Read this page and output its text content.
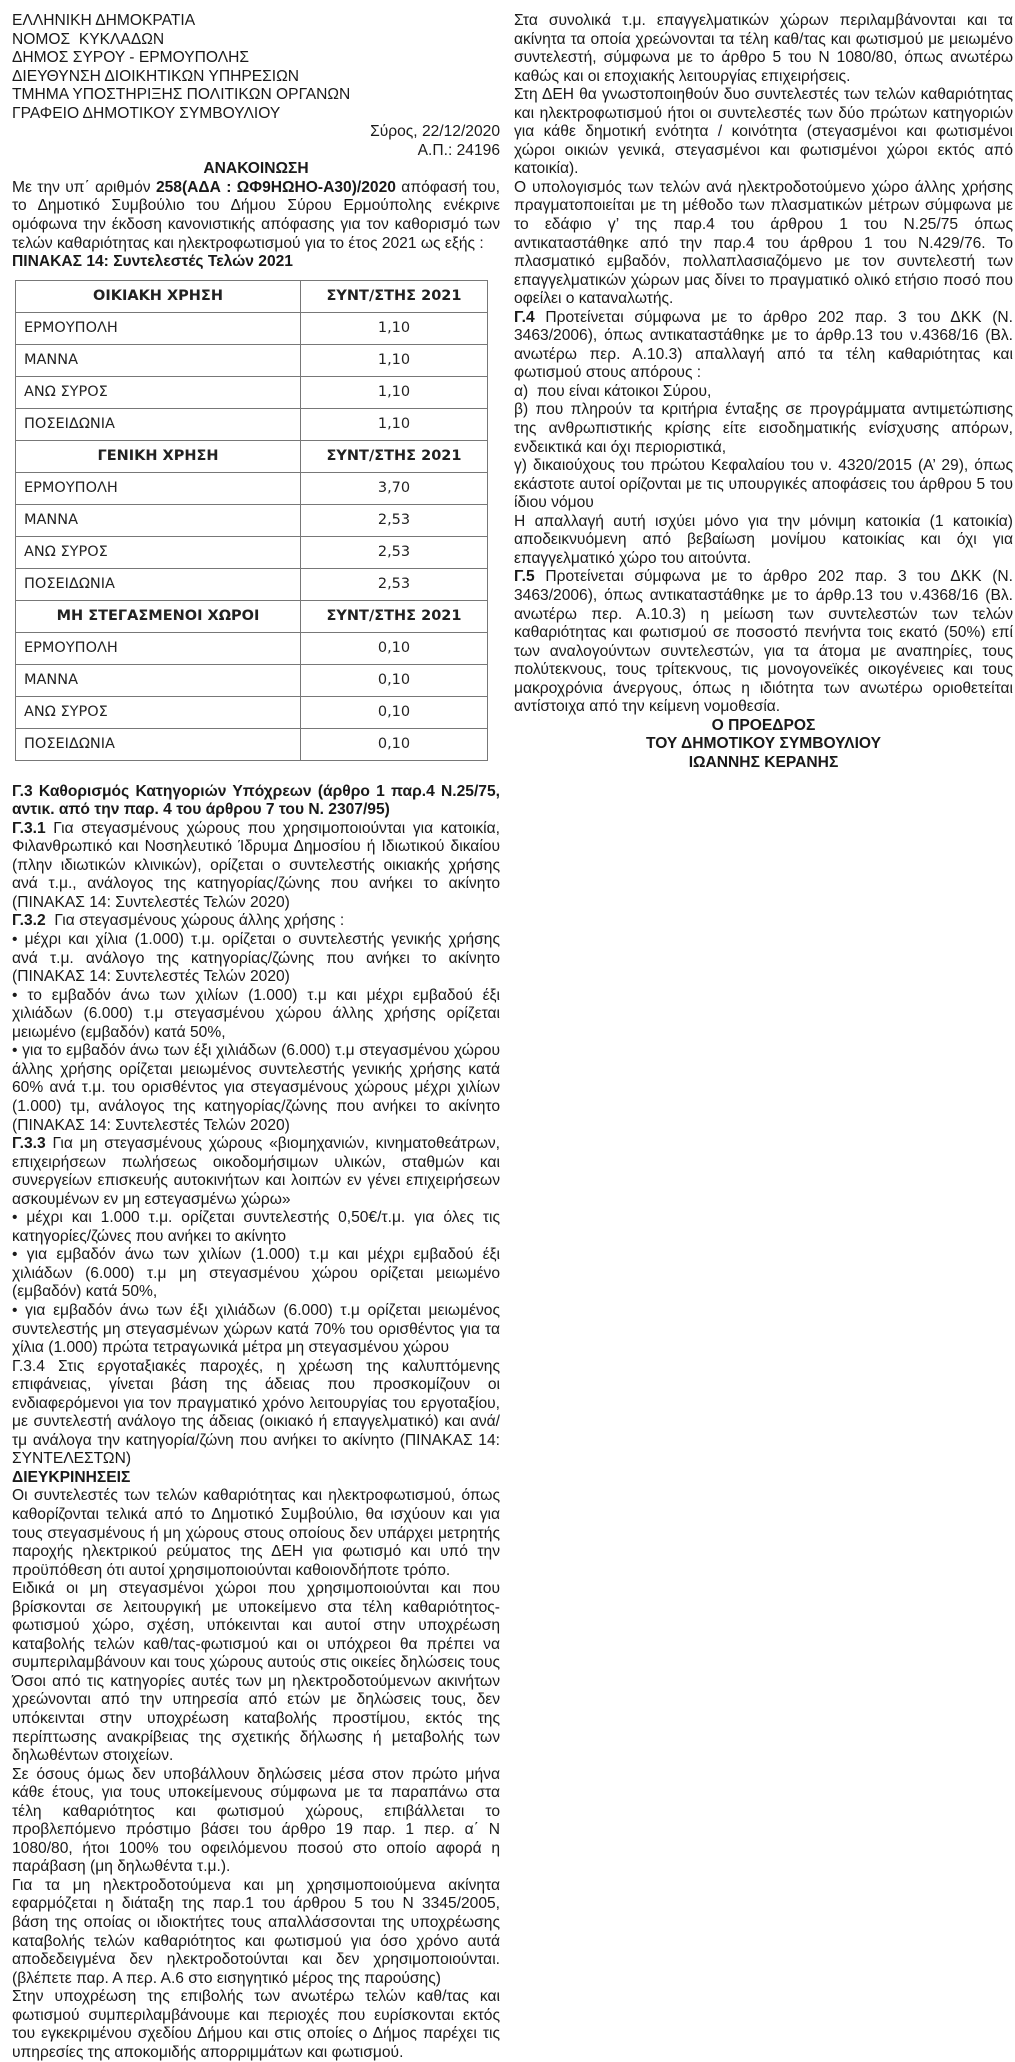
ΕΛΛΗΝΙΚΗ ΔΗΜΟΚΡΑΤΙΑ

ΝΟΜΟΣ  ΚΥΚΛΑΔΩΝ

ΔΗΜΟΣ ΣΥΡΟΥ - ΕΡΜΟΥΠΟΛΗΣ

ΔΙΕΥΘΥΝΣΗ ΔΙΟΙΚΗΤΙΚΩΝ ΥΠΗΡΕΣΙΩΝ

ΤΜΗΜΑ ΥΠΟΣΤΗΡΙΞΗΣ ΠΟΛΙΤΙΚΩΝ ΟΡΓΑΝΩΝ

ΓΡΑΦΕΙΟ ΔΗΜΟΤΙΚΟΥ ΣΥΜΒΟΥΛΙΟΥ

Σύρος, 22/12/2020

Α.Π.: 24196

ΑΝΑΚΟΙΝΩΣΗ

Με την υπ΄ αριθμόν 258(ΑΔΑ : ΩΦ9ΗΩΗΟ-Α30)/2020 απόφασή του, το Δημοτικό Συμβούλιο του Δήμου Σύρου Ερμούπολης ενέκρινε ομόφωνα την έκδοση κανονιστικής απόφασης για τον καθορισμό των τελών καθαριότητας και ηλεκτροφωτισμού για το έτος 2021 ως εξής :

ΠΙΝΑΚΑΣ 14: Συντελεστές Τελών 2021

ΟΙΚΙΑΚΗ ΧΡΗΣΗ	ΣΥΝΤ/ΣΤΗΣ 2021
ΕΡΜΟΥΠΟΛΗ	1,10
ΜΑΝΝΑ	1,10
ΑΝΩ ΣΥΡΟΣ	1,10
ΠΟΣΕΙΔΩΝΙΑ	1,10
ΓΕΝΙΚΗ ΧΡΗΣΗ	ΣΥΝΤ/ΣΤΗΣ 2021
ΕΡΜΟΥΠΟΛΗ	3,70
ΜΑΝΝΑ	2,53
ΑΝΩ ΣΥΡΟΣ	2,53
ΠΟΣΕΙΔΩΝΙΑ	2,53
ΜΗ ΣΤΕΓΑΣΜΕΝΟΙ ΧΩΡΟΙ	ΣΥΝΤ/ΣΤΗΣ 2021
ΕΡΜΟΥΠΟΛΗ	0,10
ΜΑΝΝΑ	0,10
ΑΝΩ ΣΥΡΟΣ	0,10
ΠΟΣΕΙΔΩΝΙΑ	0,10

Γ.3 Καθορισμός Κατηγοριών Υπόχρεων (άρθρο 1 παρ.4 Ν.25/75, αντικ. από την παρ. 4 του άρθρου 7 του Ν. 2307/95)

Γ.3.1 Για στεγασμένους χώρους που χρησιμοποιούνται για κατοικία, Φιλανθρωπικό και Νοσηλευτικό Ίδρυμα Δημοσίου ή Ιδιωτικού δικαίου (πλην ιδιωτικών κλινικών), ορίζεται ο συντελεστής οικιακής χρήσης ανά τ.μ., ανάλογος της κατηγορίας/ζώνης που ανήκει το ακίνητο (ΠΙΝΑΚΑΣ 14: Συντελεστές Τελών 2020)

Γ.3.2  Για στεγασμένους χώρους άλλης χρήσης :

• μέχρι και χίλια (1.000) τ.μ. ορίζεται ο συντελεστής γενικής χρήσης ανά τ.μ. ανάλογο της κατηγορίας/ζώνης που ανήκει το ακίνητο (ΠΙΝΑΚΑΣ 14: Συντελεστές Τελών 2020)

• το εμβαδόν άνω των χιλίων (1.000) τ.μ και μέχρι εμβαδού έξι χιλιάδων (6.000) τ.μ στεγασμένου χώρου άλλης χρήσης ορίζεται μειωμένο (εμβαδόν) κατά 50%,

• για το εμβαδόν άνω των έξι χιλιάδων (6.000) τ.μ στεγασμένου χώρου άλλης χρήσης ορίζεται μειωμένος συντελεστής γενικής χρήσης κατά 60% ανά τ.μ. του ορισθέντος για στεγασμένους χώρους μέχρι χιλίων (1.000) τμ, ανάλογος της κατηγορίας/ζώνης που ανήκει το ακίνητο (ΠΙΝΑΚΑΣ 14: Συντελεστές Τελών 2020)

Γ.3.3 Για μη στεγασμένους χώρους «βιομηχανιών, κινηματοθεάτρων, επιχειρήσεων πωλήσεως οικοδομήσιμων υλικών, σταθμών και συνεργείων επισκευής αυτοκινήτων και λοιπών εν γένει επιχειρήσεων ασκουμένων εν μη εστεγασμένω χώρω»

• μέχρι και 1.000 τ.μ. ορίζεται συντελεστής 0,50€/τ.μ. για όλες τις κατηγορίες/ζώνες που ανήκει το ακίνητο

• για εμβαδόν άνω των χιλίων (1.000) τ.μ και μέχρι εμβαδού έξι χιλιάδων (6.000) τ.μ μη στεγασμένου χώρου ορίζεται μειωμένο (εμβαδόν) κατά 50%,

• για εμβαδόν άνω των έξι χιλιάδων (6.000) τ.μ ορίζεται μειωμένος συντελεστής μη στεγασμένων χώρων κατά 70% του ορισθέντος για τα χίλια (1.000) πρώτα τετραγωνικά μέτρα μη στεγασμένου χώρου

Γ.3.4 Στις εργοταξιακές παροχές, η χρέωση της καλυπτόμενης επιφάνειας, γίνεται βάση της άδειας που προσκομίζουν οι ενδιαφερόμενοι για τον πραγματικό χρόνο λειτουργίας του εργοταξίου, με συντελεστή ανάλογο της άδειας (οικιακό ή επαγγελματικό) και ανά/τμ ανάλογα την κατηγορία/ζώνη που ανήκει το ακίνητο (ΠΙΝΑΚΑΣ 14: ΣΥΝΤΕΛΕΣΤΩΝ)

ΔΙΕΥΚΡΙΝΗΣΕΙΣ

Οι συντελεστές των τελών καθαριότητας και ηλεκτροφωτισμού, όπως καθορίζονται τελικά από το Δημοτικό Συμβούλιο, θα ισχύουν και για τους στεγασμένους ή μη χώρους στους οποίους δεν υπάρχει μετρητής παροχής ηλεκτρικού ρεύματος της ΔΕΗ για φωτισμό και υπό την προϋπόθεση ότι αυτοί χρησιμοποιούνται καθοιονδήποτε τρόπο.

Ειδικά οι μη στεγασμένοι χώροι που χρησιμοποιούνται και που βρίσκονται σε λειτουργική με υποκείμενο στα τέλη καθαριότητος-φωτισμού χώρο, σχέση, υπόκεινται και αυτοί στην υποχρέωση καταβολής τελών καθ/τας-φωτισμού και οι υπόχρεοι θα πρέπει να συμπεριλαμβάνουν και τους χώρους αυτούς στις οικείες δηλώσεις τους Όσοι από τις κατηγορίες αυτές των μη ηλεκτροδοτούμενων ακινήτων χρεώνονται από την υπηρεσία από ετών με δηλώσεις τους, δεν υπόκεινται στην υποχρέωση καταβολής προστίμου, εκτός της περίπτωσης ανακρίβειας της σχετικής δήλωσης ή μεταβολής των δηλωθέντων στοιχείων.

Σε όσους όμως δεν υποβάλλουν δηλώσεις μέσα στον πρώτο μήνα κάθε έτους, για τους υποκείμενους σύμφωνα με τα παραπάνω στα τέλη καθαριότητος και φωτισμού χώρους, επιβάλλεται το προβλεπόμενο πρόστιμο βάσει του άρθρο 19 παρ. 1 περ. α΄ Ν 1080/80, ήτοι 100% του οφειλόμενου ποσού στο οποίο αφορά η παράβαση (μη δηλωθέντα τ.μ.).

Για τα μη ηλεκτροδοτούμενα και μη χρησιμοποιούμενα ακίνητα εφαρμόζεται η διάταξη της παρ.1 του άρθρου 5 του Ν 3345/2005, βάση της οποίας οι ιδιοκτήτες τους απαλλάσσονται της υποχρέωσης καταβολής τελών καθαριότητος και φωτισμού για όσο χρόνο αυτά αποδεδειγμένα δεν ηλεκτροδοτούνται και δεν χρησιμοποιούνται. (βλέπετε παρ. Α περ. Α.6 στο εισηγητικό μέρος της παρούσης)

Στην υποχρέωση της επιβολής των ανωτέρω τελών καθ/τας και φωτισμού συμπεριλαμβάνουμε και περιοχές που ευρίσκονται εκτός του εγκεκριμένου σχεδίου Δήμου και στις οποίες ο Δήμος παρέχει τις υπηρεσίες της αποκομιδής απορριμμάτων και φωτισμού.

Στα συνολικά τ.μ. επαγγελματικών χώρων περιλαμβάνονται και τα ακίνητα τα οποία χρεώνονται τα τέλη καθ/τας και φωτισμού με μειωμένο συντελεστή, σύμφωνα με το άρθρο 5 του Ν 1080/80, όπως ανωτέρω καθώς και οι εποχιακής λειτουργίας επιχειρήσεις.

Στη ΔΕΗ θα γνωστοποιηθούν δυο συντελεστές των τελών καθαριότητας και ηλεκτροφωτισμού ήτοι οι συντελεστές των δύο πρώτων κατηγοριών για κάθε δημοτική ενότητα / κοινότητα (στεγασμένοι και φωτισμένοι χώροι οικιών γενικά, στεγασμένοι και φωτισμένοι χώροι εκτός από κατοικία).

Ο υπολογισμός των τελών ανά ηλεκτροδοτούμενο χώρο άλλης χρήσης πραγματοποιείται με τη μέθοδο των πλασματικών μέτρων σύμφωνα με το εδάφιο γ’ της παρ.4 του άρθρου 1 του Ν.25/75 όπως αντικαταστάθηκε από την παρ.4 του άρθρου 1 του Ν.429/76. Το πλασματικό εμβαδόν, πολλαπλασιαζόμενο με τον συντελεστή των επαγγελματικών χώρων μας δίνει το πραγματικό ολικό ετήσιο ποσό που οφείλει ο καταναλωτής.

Γ.4 Προτείνεται σύμφωνα με το άρθρο 202 παρ. 3 του ΔΚΚ (Ν. 3463/2006), όπως αντικαταστάθηκε με το άρθρ.13 του ν.4368/16 (Βλ. ανωτέρω περ. Α.10.3) απαλλαγή από τα τέλη καθαριότητας και φωτισμού στους απόρους :

α)  που είναι κάτοικοι Σύρου,

β) που πληρούν τα κριτήρια ένταξης σε προγράμματα αντιμετώπισης της ανθρωπιστικής κρίσης είτε εισοδηματικής ενίσχυσης απόρων, ενδεικτικά και όχι περιοριστικά,

γ) δικαιούχους του πρώτου Κεφαλαίου του ν. 4320/2015 (Α’ 29), όπως εκάστοτε αυτοί ορίζονται με τις υπουργικές αποφάσεις του άρθρου 5 του ίδιου νόμου

Η απαλλαγή αυτή ισχύει μόνο για την μόνιμη κατοικία (1 κατοικία) αποδεικνυόμενη από βεβαίωση μονίμου κατοικίας και όχι για επαγγελματικό χώρο του αιτούντα.

Γ.5 Προτείνεται σύμφωνα με το άρθρο 202 παρ. 3 του ΔΚΚ (Ν. 3463/2006), όπως αντικαταστάθηκε με το άρθρ.13 του ν.4368/16 (Βλ. ανωτέρω περ. Α.10.3) η μείωση των συντελεστών των τελών καθαριότητας και φωτισμού σε ποσοστό πενήντα τοις εκατό (50%) επί των αναλογούντων συντελεστών, για τα άτομα με αναπηρίες, τους πολύτεκνους, τους τρίτεκνους, τις μονογονεϊκές οικογένειες και τους μακροχρόνια άνεργους, όπως η ιδιότητα των ανωτέρω οριοθετείται αντίστοιχα από την κείμενη νομοθεσία.

Ο ΠΡΟΕΔΡΟΣ

ΤΟΥ ΔΗΜΟΤΙΚΟΥ ΣΥΜΒΟΥΛΙΟΥ

ΙΩΑΝΝΗΣ ΚΕΡΑΝΗΣ
